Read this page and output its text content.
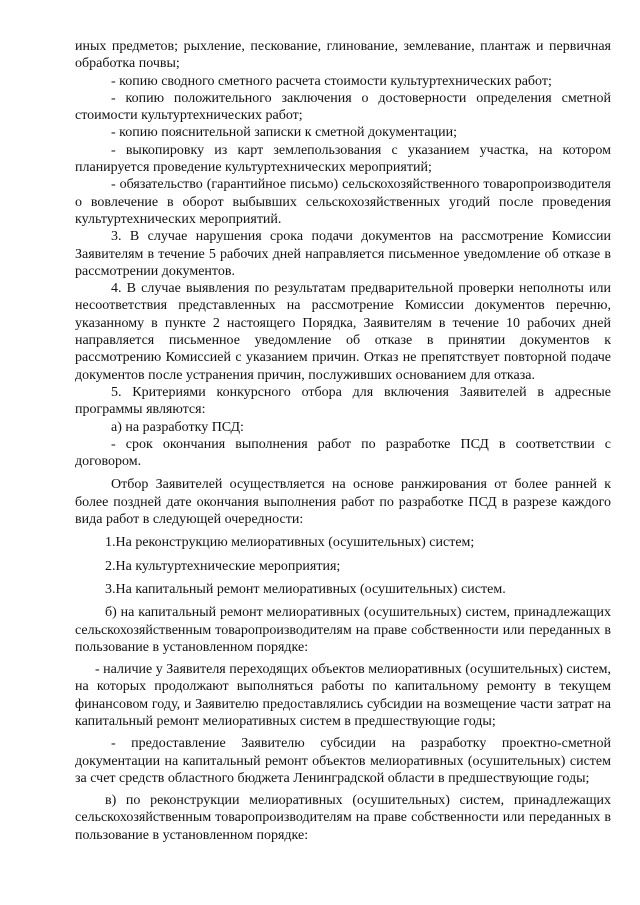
иных предметов; рыхление, пескование, глинование, землевание, плантаж и первичная обработка почвы;

- копию сводного сметного расчета стоимости культуртехнических работ;

- копию положительного заключения о достоверности определения сметной стоимости культуртехнических работ;

- копию пояснительной записки к сметной документации;

- выкопировку из карт землепользования с указанием участка, на котором планируется проведение культуртехнических мероприятий;

- обязательство (гарантийное письмо) сельскохозяйственного товаропроизводителя о вовлечение в оборот выбывших сельскохозяйственных угодий после проведения культуртехнических мероприятий.

3. В случае нарушения срока подачи документов на рассмотрение Комиссии Заявителям в течение 5 рабочих дней направляется письменное уведомление об отказе в рассмотрении документов.

4. В случае выявления по результатам предварительной проверки неполноты или несоответствия представленных на рассмотрение Комиссии документов перечню, указанному в пункте 2 настоящего Порядка, Заявителям в течение 10 рабочих дней направляется письменное уведомление об отказе в принятии документов к рассмотрению Комиссией с указанием причин. Отказ не препятствует повторной подаче документов после устранения причин, послуживших основанием для отказа.

5. Критериями конкурсного отбора для включения Заявителей в адресные программы являются:

а) на разработку ПСД:

- срок окончания выполнения работ по разработке ПСД в соответствии с договором.

Отбор Заявителей осуществляется на основе ранжирования от более ранней к более поздней дате окончания выполнения работ по разработке ПСД в разрезе каждого вида работ в следующей очередности:

1.На реконструкцию мелиоративных (осушительных) систем;

2.На культуртехнические мероприятия;

3.На капитальный ремонт мелиоративных (осушительных) систем.

б) на капитальный ремонт мелиоративных (осушительных) систем, принадлежащих сельскохозяйственным товаропроизводителям на праве собственности или переданных в пользование в установленном порядке:

- наличие у Заявителя переходящих объектов мелиоративных (осушительных) систем, на которых продолжают выполняться работы по капитальному ремонту в текущем финансовом году, и Заявителю предоставлялись субсидии на возмещение части затрат на капитальный ремонт мелиоративных систем в предшествующие годы;

- предоставление Заявителю субсидии на разработку проектно-сметной документации на капитальный ремонт объектов мелиоративных (осушительных) систем за счет средств областного бюджета Ленинградской области в предшествующие годы;

в) по реконструкции мелиоративных (осушительных) систем, принадлежащих сельскохозяйственным товаропроизводителям на праве собственности или переданных в пользование в установленном порядке:
